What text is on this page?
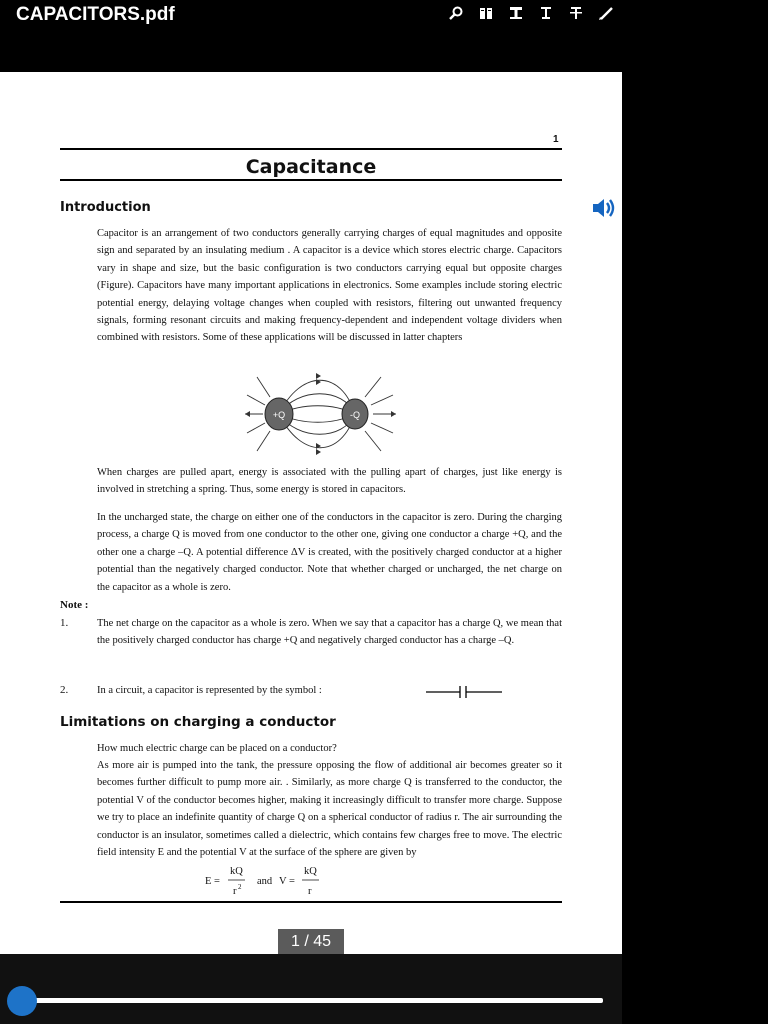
CAPACITORS.pdf
1
Capacitance
Introduction
Capacitor is an arrangement of two conductors generally carrying charges of equal magnitudes and opposite sign and separated by an insulating medium . A capacitor is a device which stores electric charge. Capacitors vary in shape and size, but the basic configuration is two conductors carrying equal but opposite charges (Figure). Capacitors have many important applications in electronics. Some examples include storing electric potential energy, delaying voltage changes when coupled with resistors, filtering out unwanted frequency signals, forming resonant circuits and making frequency-dependent and independent voltage dividers when combined with resistors. Some of these applications will be discussed in latter chapters
+Q	-Q
When charges are pulled apart, energy is associated with the pulling apart of charges, just like energy is involved in stretching a spring. Thus, some energy is stored in capacitors.
In the uncharged state, the charge on either one of the conductors in the capacitor is zero. During the charging process, a charge Q is moved from one conductor to the other one, giving one conductor a charge +Q, and the other one a charge –Q. A potential difference ΔV is created, with the positively charged conductor at a higher potential than the negatively charged conductor. Note that whether charged or uncharged, the net charge on the capacitor as a whole is zero.
Note :
1.	The net charge on the capacitor as a whole is zero. When we say that a capacitor has a charge Q, we mean that the positively charged conductor has charge +Q and negatively charged conductor has a charge –Q.
2.	In a circuit, a capacitor is represented by the symbol :
Limitations on charging a conductor
How much electric charge can be placed on a conductor?
As more air is pumped into the tank, the pressure opposing the flow of additional air becomes greater so it becomes further difficult to pump more air. . Similarly, as more charge Q is transferred to the conductor, the potential V of the conductor becomes higher, making it increasingly difficult to transfer more charge. Suppose we try to place an indefinite quantity of charge Q on a spherical conductor of radius r. The air surrounding the conductor is an insulator, sometimes called a dielectric, which contains few charges free to move. The electric field intensity E and the potential V at the surface of the sphere are given by
E =
kQ
r 2 and V =
kQ
r
1 / 45
